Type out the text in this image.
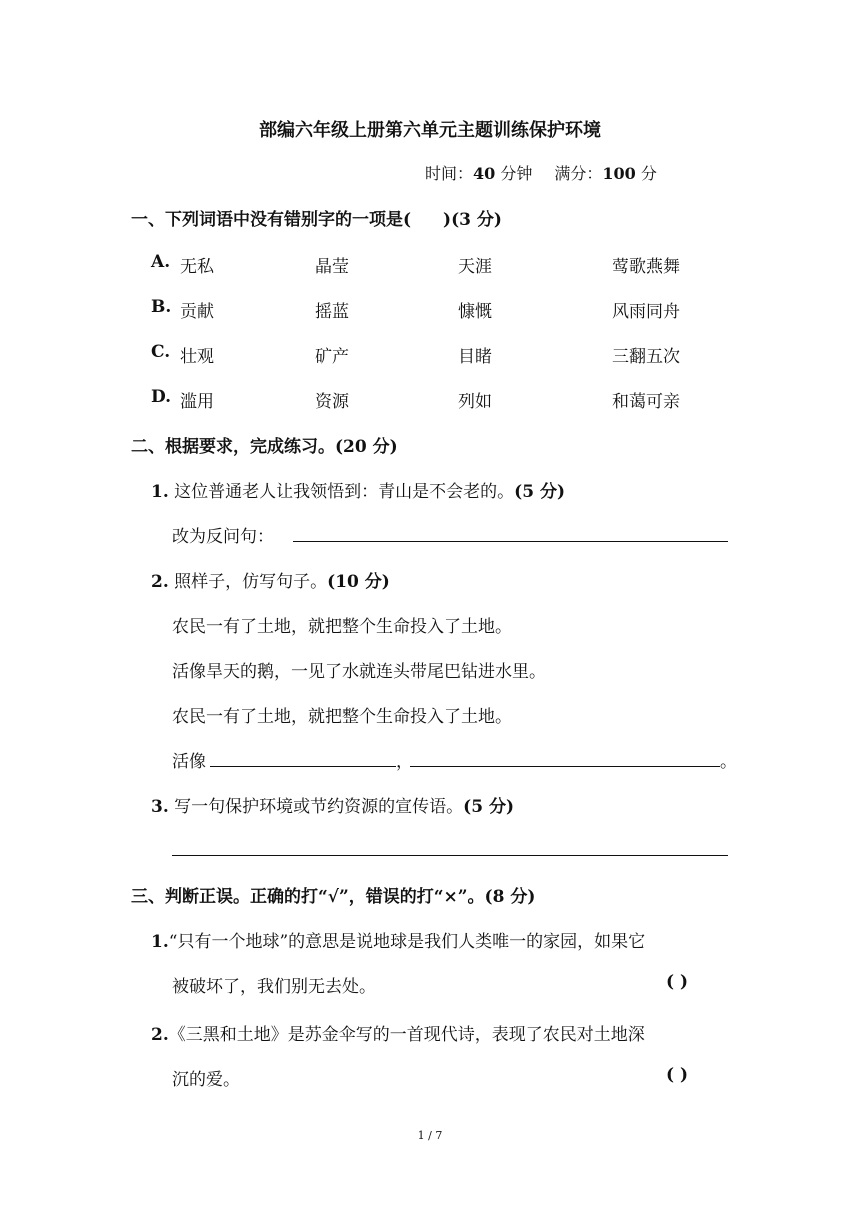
部编六年级上册第六单元主题训练保护环境
时间：40 分钟 满分：100 分
一、下列词语中没有错别字的一项是( )(3 分)
A. 无私	晶莹	天涯	莺歌燕舞
B. 贡献	摇蓝	慷慨	风雨同舟
C. 壮观	矿产	目睹	三翻五次
D. 滥用	资源	列如	和蔼可亲
二、根据要求，完成练习。(20 分)
1. 这位普通老人让我领悟到：青山是不会老的。(5 分)
改为反问句：
2. 照样子，仿写句子。(10 分)
农民一有了土地，就把整个生命投入了土地。
活像旱天的鹅，一见了水就连头带尾巴钻进水里。
农民一有了土地，就把整个生命投入了土地。
活像	，	。
3. 写一句保护环境或节约资源的宣传语。(5 分)
三、判断正误。正确的打“√”，错误的打“×”。(8 分)
1.“只有一个地球”的意思是说地球是我们人类唯一的家园，如果它
被破坏了，我们别无去处。	( )
2.《三黑和土地》是苏金伞写的一首现代诗，表现了农民对土地深
沉的爱。	( )
1 / 7
